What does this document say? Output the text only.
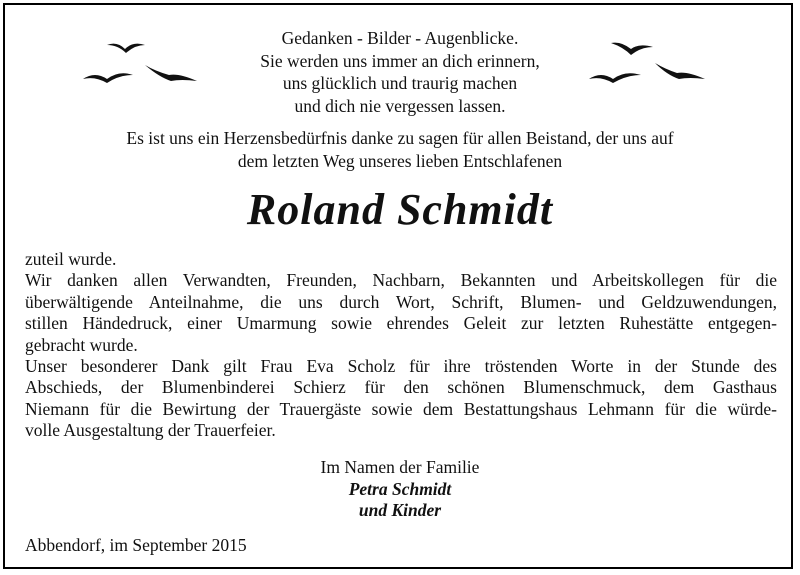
Gedanken - Bilder - Augenblicke.
Sie werden uns immer an dich erinnern,
uns glücklich und traurig machen
und dich nie vergessen lassen.
Es ist uns ein Herzensbedürfnis danke zu sagen für allen Beistand, der uns auf
dem letzten Weg unseres lieben Entschlafenen
Roland Schmidt
zuteil wurde.
Wir danken allen Verwandten, Freunden, Nachbarn, Bekannten und Arbeitskollegen für die
überwältigende Anteilnahme, die uns durch Wort, Schrift, Blumen- und Geldzuwendungen,
stillen Händedruck, einer Umarmung sowie ehrendes Geleit zur letzten Ruhestätte entgegen-
gebracht wurde.
Unser besonderer Dank gilt Frau Eva Scholz für ihre tröstenden Worte in der Stunde des
Abschieds, der Blumenbinderei Schierz für den schönen Blumenschmuck, dem Gasthaus
Niemann für die Bewirtung der Trauergäste sowie dem Bestattungshaus Lehmann für die würde-
volle Ausgestaltung der Trauerfeier.
Im Namen der Familie
Petra Schmidt
und Kinder
Abbendorf, im September 2015
